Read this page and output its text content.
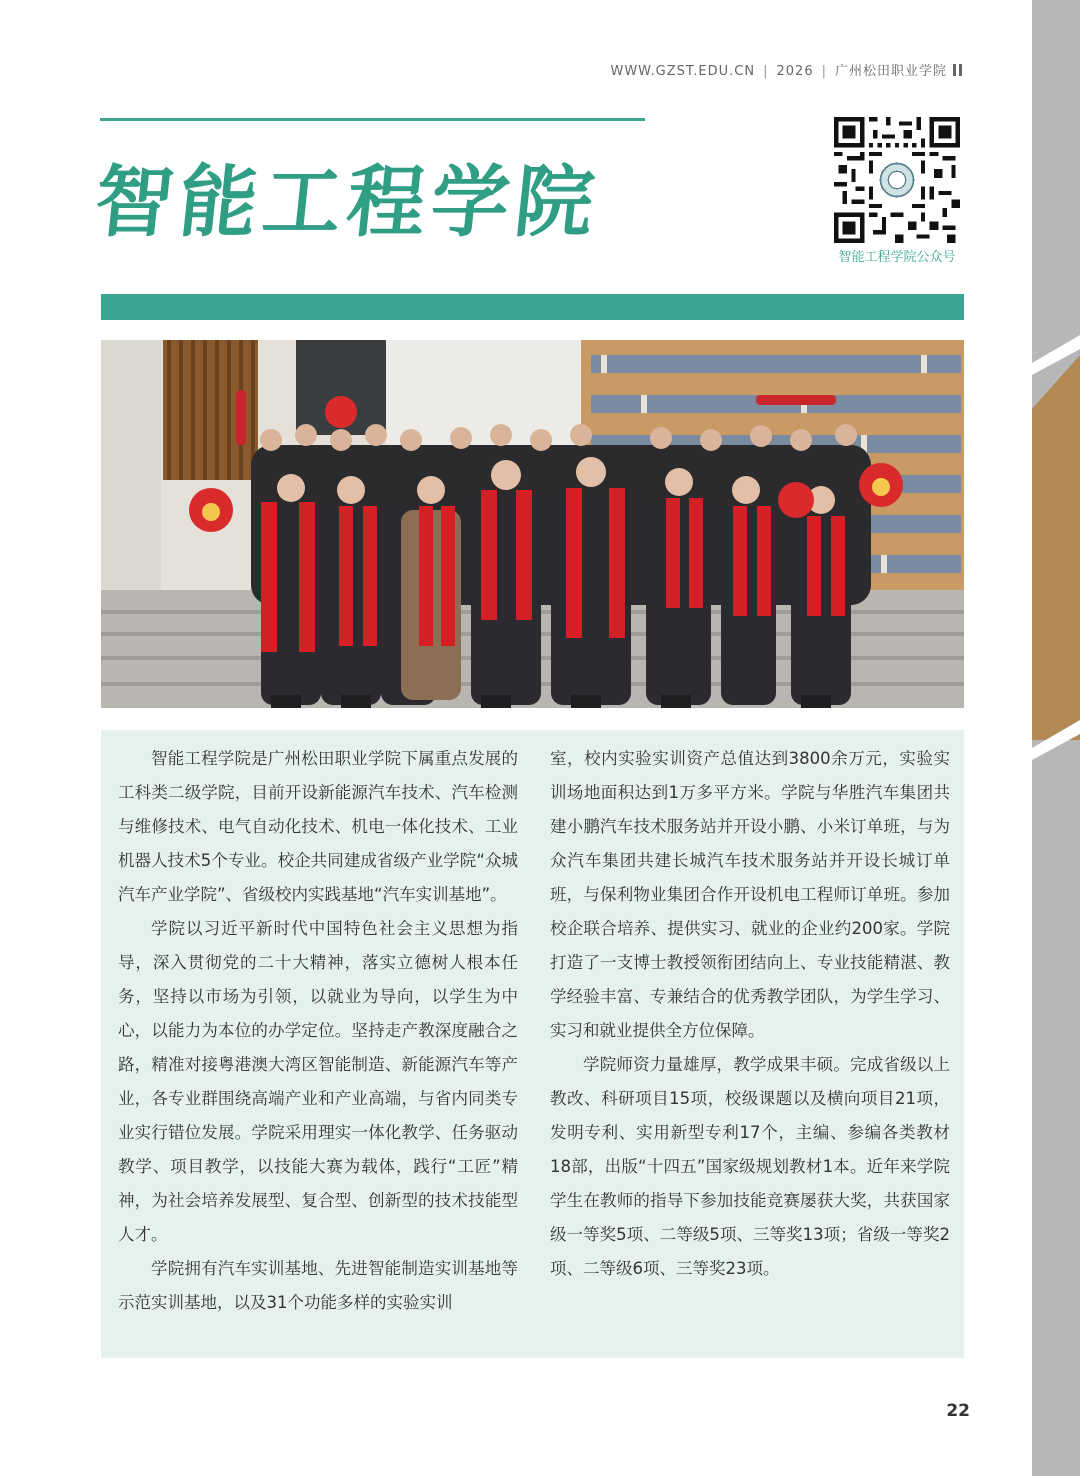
WWW.GZST.EDU.CN | 2026 | 广州松田职业学院
智能工程学院
智能工程学院公众号

智能工程学院是广州松田职业学院下属重点发展的工科类二级学院，目前开设新能源汽车技术、汽车检测与维修技术、电气自动化技术、机电一体化技术、工业机器人技术5个专业。校企共同建成省级产业学院“众城汽车产业学院”、省级校内实践基地“汽车实训基地”。

学院以习近平新时代中国特色社会主义思想为指导，深入贯彻党的二十大精神，落实立德树人根本任务，坚持以市场为引领，以就业为导向，以学生为中心，以能力为本位的办学定位。坚持走产教深度融合之路，精准对接粤港澳大湾区智能制造、新能源汽车等产业，各专业群围绕高端产业和产业高端，与省内同类专业实行错位发展。学院采用理实一体化教学、任务驱动教学、项目教学，以技能大赛为载体，践行“工匠”精神，为社会培养发展型、复合型、创新型的技术技能型人才。

学院拥有汽车实训基地、先进智能制造实训基地等示范实训基地，以及31个功能多样的实验实训

室，校内实验实训资产总值达到3800余万元，实验实训场地面积达到1万多平方米。学院与华胜汽车集团共建小鹏汽车技术服务站并开设小鹏、小米订单班，与为众汽车集团共建长城汽车技术服务站并开设长城订单班，与保利物业集团合作开设机电工程师订单班。参加校企联合培养、提供实习、就业的企业约200家。学院打造了一支博士教授领衔团结向上、专业技能精湛、教学经验丰富、专兼结合的优秀教学团队，为学生学习、实习和就业提供全方位保障。

学院师资力量雄厚，教学成果丰硕。完成省级以上教改、科研项目15项，校级课题以及横向项目21项，发明专利、实用新型专利17个，主编、参编各类教材18部，出版“十四五”国家级规划教材1本。近年来学院学生在教师的指导下参加技能竞赛屡获大奖，共获国家级一等奖5项、二等级5项、三等奖13项；省级一等奖2项、二等级6项、三等奖23项。

22
